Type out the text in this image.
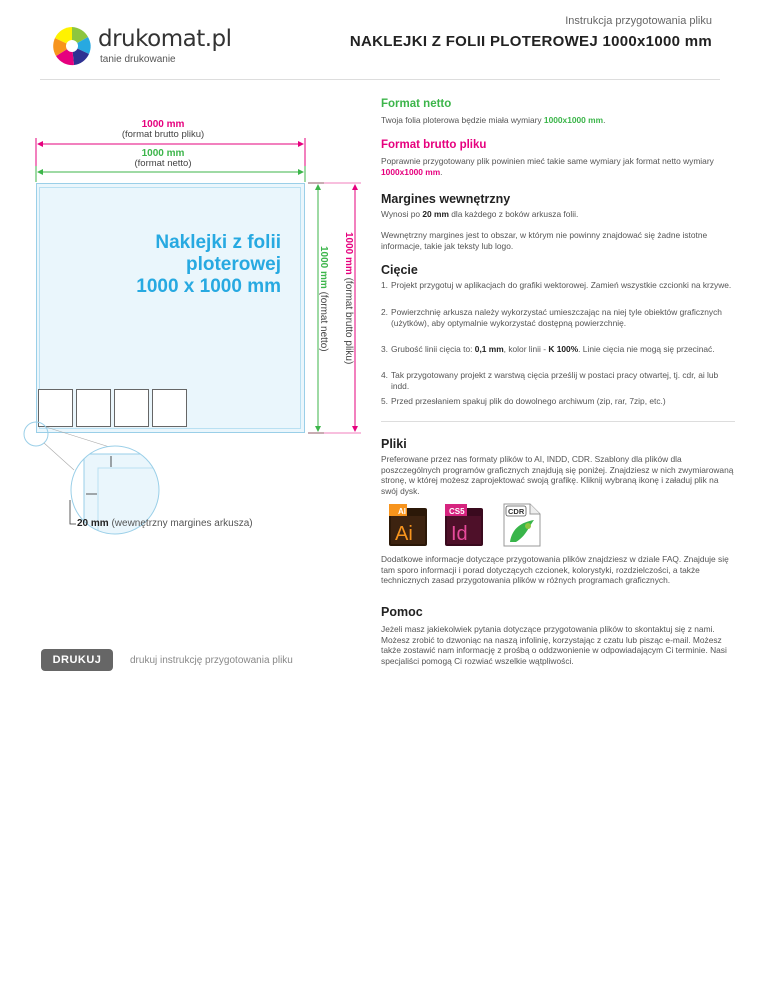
drukomat.pl
tanie drukowanie
Instrukcja przygotowania pliku
NAKLEJKI Z FOLII PLOTEROWEJ 1000x1000 mm
1000 mm
(format brutto pliku)
1000 mm
(format netto)
Naklejki z folii
ploterowej
1000 x 1000 mm	1000 mm (format netto)
1000 mm (format brutto pliku)
20 mm (wewnętrzny margines arkusza)
Format netto
Twoja folia ploterowa będzie miała wymiary 1000x1000 mm.
Format brutto pliku
Poprawnie przygotowany plik powinien mieć takie same wymiary jak format netto wymiary 1000x1000 mm.
Margines wewnętrzny
Wynosi po 20 mm dla każdego z boków arkusza folii.
Wewnętrzny margines jest to obszar, w którym nie powinny znajdować się żadne istotne informacje, takie jak teksty lub logo.
Cięcie
1. Projekt przygotuj w aplikacjach do grafiki wektorowej. Zamień wszystkie czcionki na krzywe.
2. Powierzchnię arkusza należy wykorzystać umieszczając na niej tyle obiektów graficznych (użytków), aby optymalnie wykorzystać dostępną powierzchnię.
3. Grubość linii cięcia to: 0,1 mm, kolor linii - K 100%. Linie cięcia nie mogą się przecinać.
4. Tak przygotowany projekt z warstwą cięcia prześlij w postaci pracy otwartej, tj. cdr, ai lub indd.
5. Przed przesłaniem spakuj plik do dowolnego archiwum (zip, rar, 7zip, etc.)
Pliki
Preferowane przez nas formaty plików to AI, INDD, CDR. Szablony dla plików dla poszczególnych programów graficznych znajdują się poniżej. Znajdziesz w nich zwymiarowaną stronę, w której możesz zaprojektować swoją grafikę. Kliknij wybraną ikonę i załaduj plik na swój dysk.
AI
Ai
CS5
Id
CDR
Dodatkowe informacje dotyczące przygotowania plików znajdziesz w dziale FAQ. Znajduje się tam sporo informacji i porad dotyczących czcionek, kolorystyki, rozdzielczości, a także technicznych zasad przygotowania plików w różnych programach graficznych.
Pomoc
Jeżeli masz jakiekolwiek pytania dotyczące przygotowania plików to skontaktuj się z nami. Możesz zrobić to dzwoniąc na naszą infolinię, korzystając z czatu lub pisząc e-mail. Możesz także zostawić nam informację z prośbą o oddzwonienie w odpowiadającym Ci terminie. Nasi specjaliści pomogą Ci rozwiać wszelkie wątpliwości.
DRUKUJ	drukuj instrukcję przygotowania pliku
